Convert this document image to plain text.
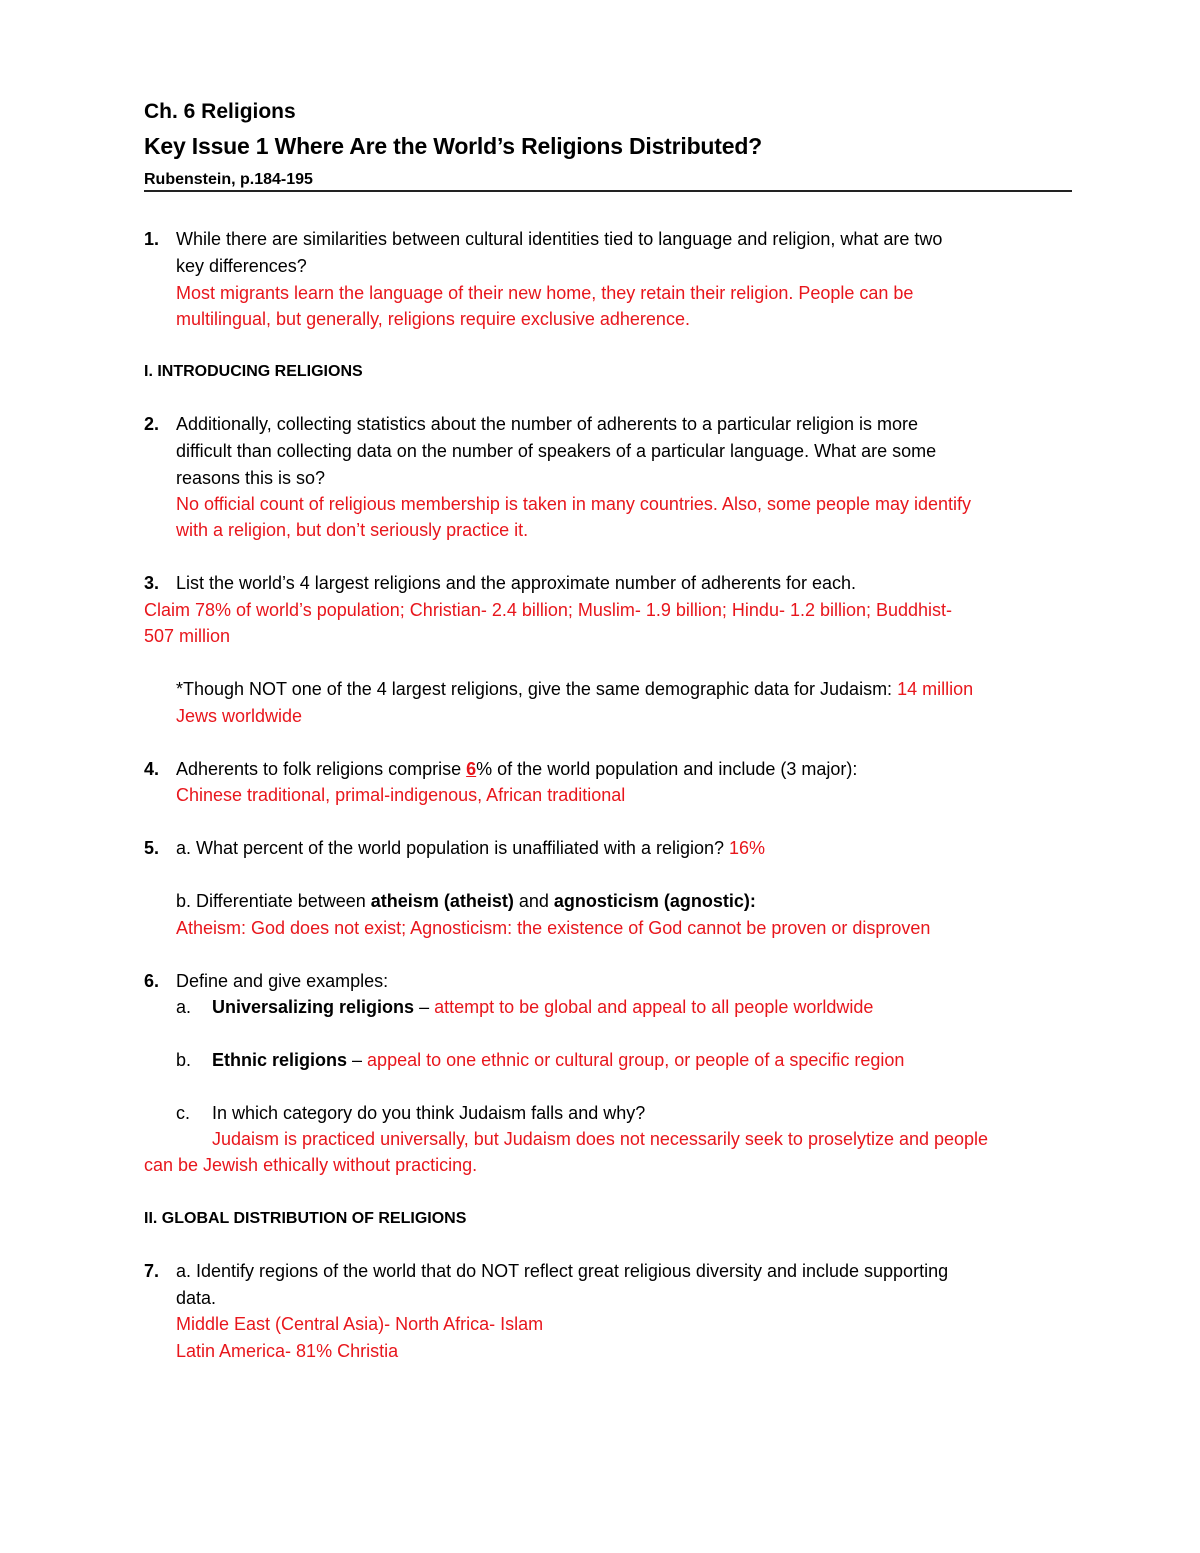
Ch. 6 Religions
Key Issue 1 Where Are the World’s Religions Distributed?
Rubenstein, p.184-195
1. While there are similarities between cultural identities tied to language and religion, what are two
key differences?
Most migrants learn the language of their new home, they retain their religion. People can be
multilingual, but generally, religions require exclusive adherence.
I. INTRODUCING RELIGIONS
2. Additionally, collecting statistics about the number of adherents to a particular religion is more
difficult than collecting data on the number of speakers of a particular language. What are some
reasons this is so?
No official count of religious membership is taken in many countries. Also, some people may identify
with a religion, but don’t seriously practice it.
3. List the world’s 4 largest religions and the approximate number of adherents for each.
Claim 78% of world’s population; Christian- 2.4 billion; Muslim- 1.9 billion; Hindu- 1.2 billion; Buddhist-
507 million
*Though NOT one of the 4 largest religions, give the same demographic data for Judaism: 14 million
Jews worldwide
4. Adherents to folk religions comprise 6% of the world population and include (3 major):
Chinese traditional, primal-indigenous, African traditional
5. a. What percent of the world population is unaffiliated with a religion? 16%
b. Differentiate between atheism (atheist) and agnosticism (agnostic):
Atheism: God does not exist; Agnosticism: the existence of God cannot be proven or disproven
6. Define and give examples:
a. Universalizing religions – attempt to be global and appeal to all people worldwide
b. Ethnic religions – appeal to one ethnic or cultural group, or people of a specific region
c. In which category do you think Judaism falls and why?
Judaism is practiced universally, but Judaism does not necessarily seek to proselytize and people
can be Jewish ethically without practicing.
II. GLOBAL DISTRIBUTION OF RELIGIONS
7. a. Identify regions of the world that do NOT reflect great religious diversity and include supporting
data.
Middle East (Central Asia)- North Africa- Islam
Latin America- 81% Christia
